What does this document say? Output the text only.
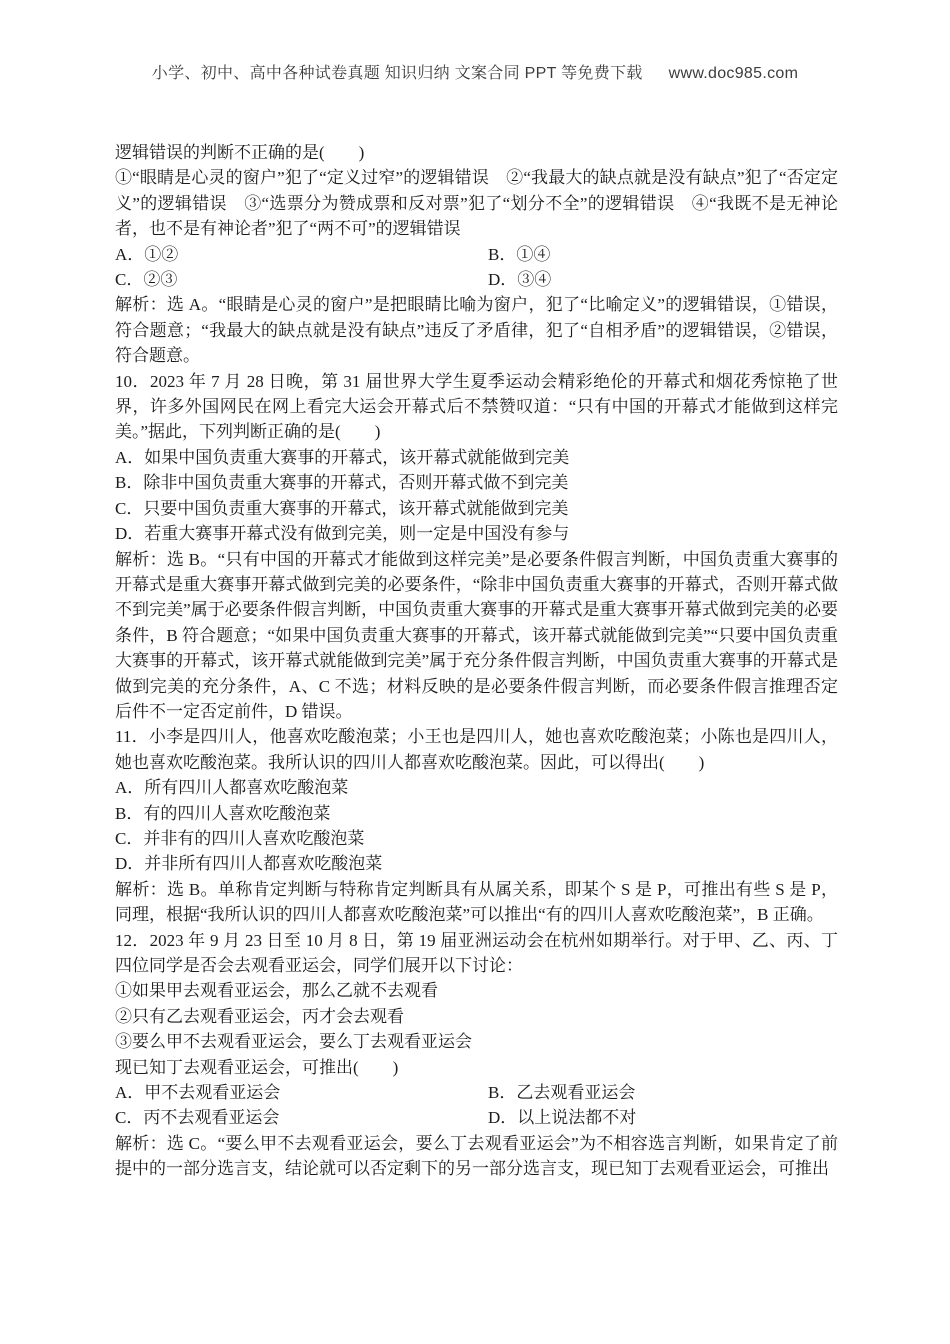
小学、初中、高中各种试卷真题 知识归纳 文案合同 PPT 等免费下载 www.doc985.com
逻辑错误的判断不正确的是(　　)
①“眼睛是心灵的窗户”犯了“定义过窄”的逻辑错误　②“我最大的缺点就是没有缺点”犯了“否定定义”的逻辑错误　③“选票分为赞成票和反对票”犯了“划分不全”的逻辑错误　④“我既不是无神论者，也不是有神论者”犯了“两不可”的逻辑错误
A．①②	B．①④
C．②③	D．③④
解析：选 A。“眼睛是心灵的窗户”是把眼睛比喻为窗户，犯了“比喻定义”的逻辑错误，①错误，符合题意；“我最大的缺点就是没有缺点”违反了矛盾律，犯了“自相矛盾”的逻辑错误，②错误，符合题意。
10．2023 年 7 月 28 日晚，第 31 届世界大学生夏季运动会精彩绝伦的开幕式和烟花秀惊艳了世界，许多外国网民在网上看完大运会开幕式后不禁赞叹道：“只有中国的开幕式才能做到这样完美。”据此，下列判断正确的是(　　)
A．如果中国负责重大赛事的开幕式，该开幕式就能做到完美
B．除非中国负责重大赛事的开幕式，否则开幕式做不到完美
C．只要中国负责重大赛事的开幕式，该开幕式就能做到完美
D．若重大赛事开幕式没有做到完美，则一定是中国没有参与
解析：选 B。“只有中国的开幕式才能做到这样完美”是必要条件假言判断，中国负责重大赛事的开幕式是重大赛事开幕式做到完美的必要条件，“除非中国负责重大赛事的开幕式，否则开幕式做不到完美”属于必要条件假言判断，中国负责重大赛事的开幕式是重大赛事开幕式做到完美的必要条件，B 符合题意；“如果中国负责重大赛事的开幕式，该开幕式就能做到完美”“只要中国负责重大赛事的开幕式，该开幕式就能做到完美”属于充分条件假言判断，中国负责重大赛事的开幕式是做到完美的充分条件，A、C 不选；材料反映的是必要条件假言判断，而必要条件假言推理否定后件不一定否定前件，D 错误。
11．小李是四川人，他喜欢吃酸泡菜；小王也是四川人，她也喜欢吃酸泡菜；小陈也是四川人，她也喜欢吃酸泡菜。我所认识的四川人都喜欢吃酸泡菜。因此，可以得出(　　)
A．所有四川人都喜欢吃酸泡菜
B．有的四川人喜欢吃酸泡菜
C．并非有的四川人喜欢吃酸泡菜
D．并非所有四川人都喜欢吃酸泡菜
解析：选 B。单称肯定判断与特称肯定判断具有从属关系，即某个 S 是 P，可推出有些 S 是 P，同理，根据“我所认识的四川人都喜欢吃酸泡菜”可以推出“有的四川人喜欢吃酸泡菜”，B 正确。
12．2023 年 9 月 23 日至 10 月 8 日，第 19 届亚洲运动会在杭州如期举行。对于甲、乙、丙、丁四位同学是否会去观看亚运会，同学们展开以下讨论：
①如果甲去观看亚运会，那么乙就不去观看
②只有乙去观看亚运会，丙才会去观看
③要么甲不去观看亚运会，要么丁去观看亚运会
现已知丁去观看亚运会，可推出(　　)
A．甲不去观看亚运会	B．乙去观看亚运会
C．丙不去观看亚运会	D．以上说法都不对
解析：选 C。“要么甲不去观看亚运会，要么丁去观看亚运会”为不相容选言判断，如果肯定了前提中的一部分选言支，结论就可以否定剩下的另一部分选言支，现已知丁去观看亚运会，可推出
